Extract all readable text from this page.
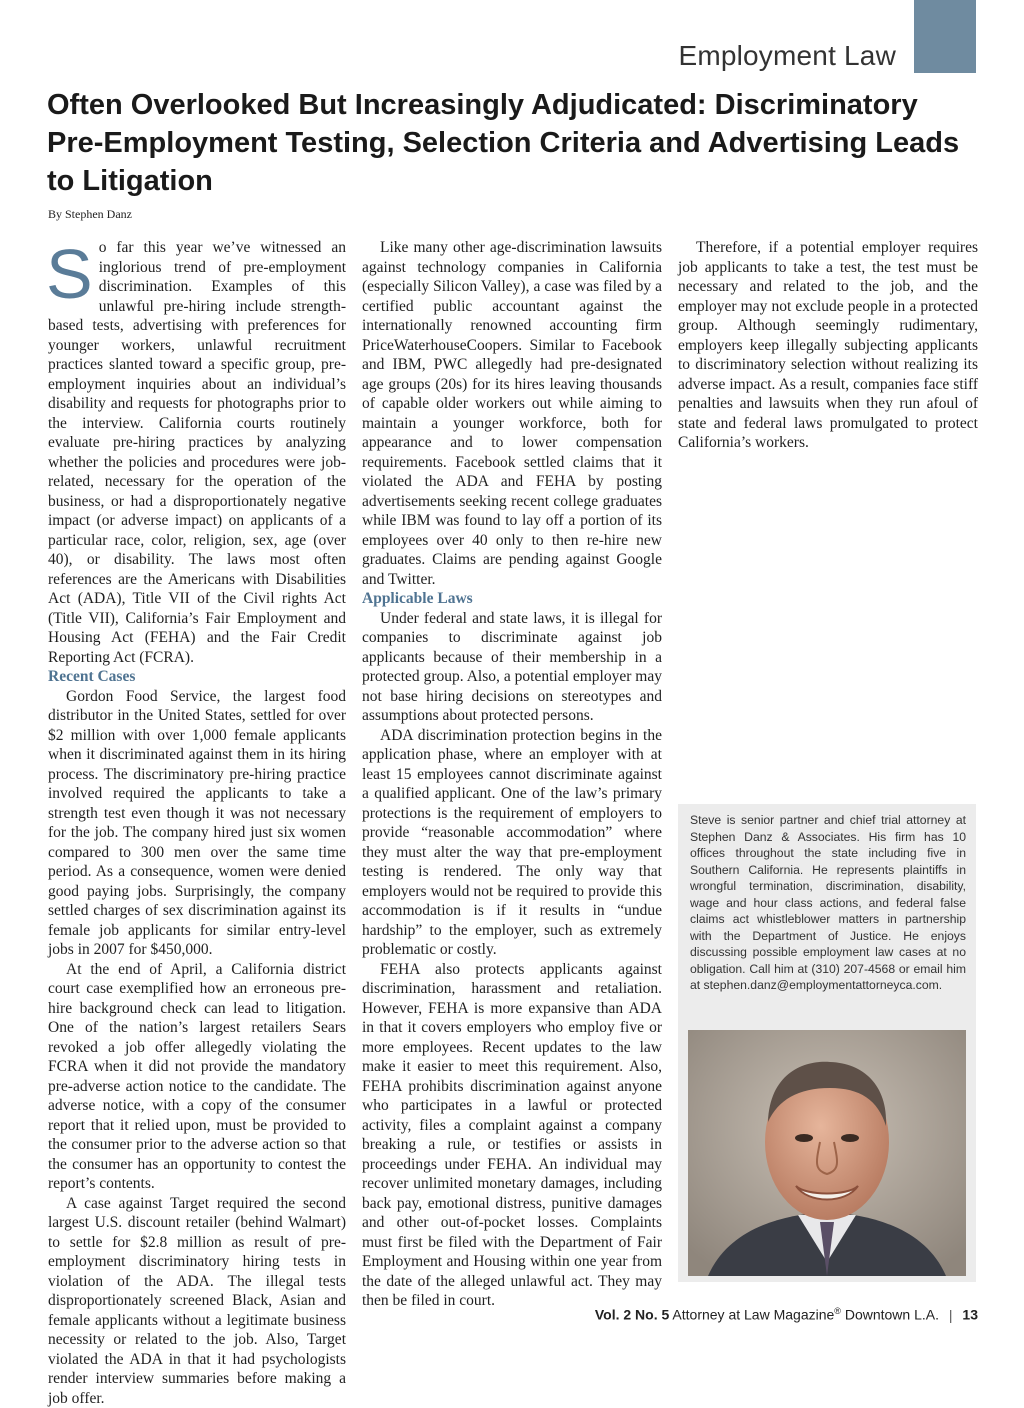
Employment Law
Often Overlooked But Increasingly Adjudicated: Discriminatory Pre-Employment Testing, Selection Criteria and Advertising Leads to Litigation
By Stephen Danz

So far this year we’ve witnessed an inglorious trend of pre-employment discrimination. Examples of this unlawful pre-hiring include strength-based tests, advertising with preferences for younger workers, unlawful recruitment practices slanted toward a specific group, pre-employment inquiries about an individual’s disability and requests for photographs prior to the interview. California courts routinely evaluate pre-hiring practices by analyzing whether the policies and procedures were job-related, necessary for the operation of the business, or had a disproportionately negative impact (or adverse impact) on applicants of a particular race, color, religion, sex, age (over 40), or disability. The laws most often references are the Americans with Disabilities Act (ADA), Title VII of the Civil rights Act (Title VII), California’s Fair Employment and Housing Act (FEHA) and the Fair Credit Reporting Act (FCRA).

Recent Cases

Gordon Food Service, the largest food distributor in the United States, settled for over $2 million with over 1,000 female applicants when it discriminated against them in its hiring process. The discriminatory pre-hiring practice involved required the applicants to take a strength test even though it was not necessary for the job. The company hired just six women compared to 300 men over the same time period. As a consequence, women were denied good paying jobs. Surprisingly, the company settled charges of sex discrimination against its female job applicants for similar entry-level jobs in 2007 for $450,000.

At the end of April, a California district court case exemplified how an erroneous pre-hire background check can lead to litigation. One of the nation’s largest retailers Sears revoked a job offer allegedly violating the FCRA when it did not provide the mandatory pre-adverse action notice to the candidate. The adverse notice, with a copy of the consumer report that it relied upon, must be provided to the consumer prior to the adverse action so that the consumer has an opportunity to contest the report’s contents.

A case against Target required the second largest U.S. discount retailer (behind Walmart) to settle for $2.8 million as result of pre-employment discriminatory hiring tests in violation of the ADA. The illegal tests disproportionately screened Black, Asian and female applicants without a legitimate business necessity or related to the job. Also, Target violated the ADA in that it had psychologists render interview summaries before making a job offer.

Like many other age-discrimination lawsuits against technology companies in California (especially Silicon Valley), a case was filed by a certified public accountant against the internationally renowned accounting firm PriceWaterhouseCoopers. Similar to Facebook and IBM, PWC allegedly had pre-designated age groups (20s) for its hires leaving thousands of capable older workers out while aiming to maintain a younger workforce, both for appearance and to lower compensation requirements. Facebook settled claims that it violated the ADA and FEHA by posting advertisements seeking recent college graduates while IBM was found to lay off a portion of its employees over 40 only to then re-hire new graduates. Claims are pending against Google and Twitter.

Applicable Laws

Under federal and state laws, it is illegal for companies to discriminate against job applicants because of their membership in a protected group. Also, a potential employer may not base hiring decisions on stereotypes and assumptions about protected persons.

ADA discrimination protection begins in the application phase, where an employer with at least 15 employees cannot discriminate against a qualified applicant. One of the law’s primary protections is the requirement of employers to provide “reasonable accommodation” where they must alter the way that pre-employment testing is rendered. The only way that employers would not be required to provide this accommodation is if it results in “undue hardship” to the employer, such as extremely problematic or costly.

FEHA also protects applicants against discrimination, harassment and retaliation. However, FEHA is more expansive than ADA in that it covers employers who employ five or more employees. Recent updates to the law make it easier to meet this requirement. Also, FEHA prohibits discrimination against anyone who participates in a lawful or protected activity, files a complaint against a company breaking a rule, or testifies or assists in proceedings under FEHA. An individual may recover unlimited monetary damages, including back pay, emotional distress, punitive damages and other out-of-pocket losses. Complaints must first be filed with the Department of Fair Employment and Housing within one year from the date of the alleged unlawful act. They may then be filed in court.

Therefore, if a potential employer requires job applicants to take a test, the test must be necessary and related to the job, and the employer may not exclude people in a protected group. Although seemingly rudimentary, employers keep illegally subjecting applicants to discriminatory selection without realizing its adverse impact. As a result, companies face stiff penalties and lawsuits when they run afoul of state and federal laws promulgated to protect California’s workers.

Steve is senior partner and chief trial attorney at Stephen Danz & Associates. His firm has 10 offices throughout the state including five in Southern California. He represents plaintiffs in wrongful termination, discrimination, disability, wage and hour class actions, and federal false claims act whistleblower matters in partnership with the Department of Justice. He enjoys discussing possible employment law cases at no obligation. Call him at (310) 207-4568 or email him at stephen.danz@employmentattorneyca.com.

Vol. 2 No. 5 Attorney at Law Magazine® Downtown L.A. | 13
